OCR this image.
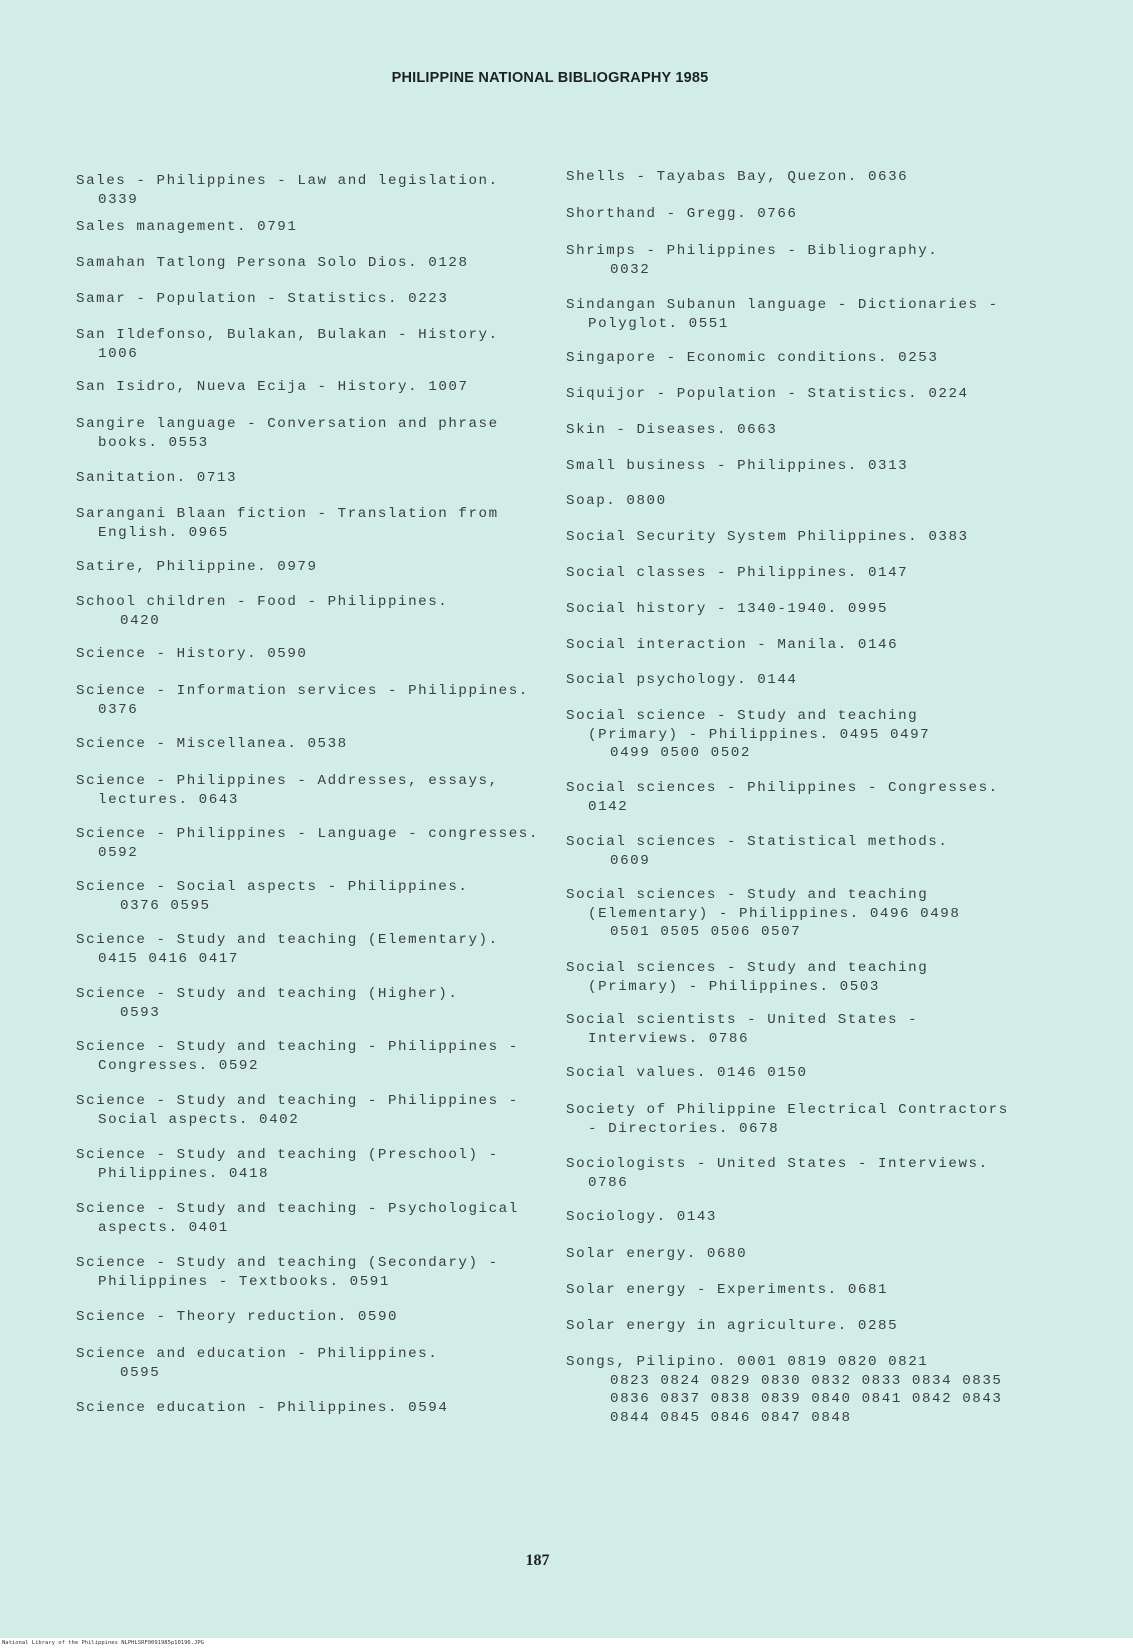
PHILIPPINE NATIONAL BIBLIOGRAPHY 1985
Sales - Philippines - Law and legislation. 0339
Sales management. 0791
Samahan Tatlong Persona Solo Dios. 0128
Samar - Population - Statistics. 0223
San Ildefonso, Bulakan, Bulakan - History. 1006
San Isidro, Nueva Ecija - History. 1007
Sangire language - Conversation and phrase books. 0553
Sanitation. 0713
Sarangani Blaan fiction - Translation from English. 0965
Satire, Philippine. 0979
School children - Food - Philippines.
0420
Science - History. 0590
Science - Information services - Philippines. 0376
Science - Miscellanea. 0538
Science - Philippines - Addresses, essays, lectures. 0643
Science - Philippines - Language - congresses. 0592
Science - Social aspects - Philippines.
0376 0595
Science - Study and teaching (Elementary). 0415 0416 0417
Science - Study and teaching (Higher).
0593
Science - Study and teaching - Philippines - Congresses. 0592
Science - Study and teaching - Philippines - Social aspects. 0402
Science - Study and teaching (Preschool) - Philippines. 0418
Science - Study and teaching - Psychological aspects. 0401
Science - Study and teaching (Secondary) - Philippines - Textbooks. 0591
Science - Theory reduction. 0590
Science and education - Philippines.
0595
Science education - Philippines. 0594
Shells - Tayabas Bay, Quezon. 0636
Shorthand - Gregg. 0766
Shrimps - Philippines - Bibliography.
0032
Sindangan Subanun language - Dictionaries - Polyglot. 0551
Singapore - Economic conditions. 0253
Siquijor - Population - Statistics. 0224
Skin - Diseases. 0663
Small business - Philippines. 0313
Soap. 0800
Social Security System Philippines. 0383
Social classes - Philippines. 0147
Social history - 1340-1940. 0995
Social interaction - Manila. 0146
Social psychology. 0144
Social science - Study and teaching (Primary) - Philippines. 0495 0497
0499 0500 0502
Social sciences - Philippines - Congresses. 0142
Social sciences - Statistical methods.
0609
Social sciences - Study and teaching (Elementary) - Philippines. 0496 0498
0501 0505 0506 0507
Social sciences - Study and teaching (Primary) - Philippines. 0503
Social scientists - United States - Interviews. 0786
Social values. 0146 0150
Society of Philippine Electrical Contractors - Directories. 0678
Sociologists - United States - Interviews. 0786
Sociology. 0143
Solar energy. 0680
Solar energy - Experiments. 0681
Solar energy in agriculture. 0285
Songs, Pilipino. 0001 0819 0820 0821
0823 0824 0829 0830 0832 0833 0834 0835 0836 0837 0838 0839 0840 0841 0842 0843 0844 0845 0846 0847 0848
187
National Library of the Philippines NLPHLSRF0091985p10196.JPG
